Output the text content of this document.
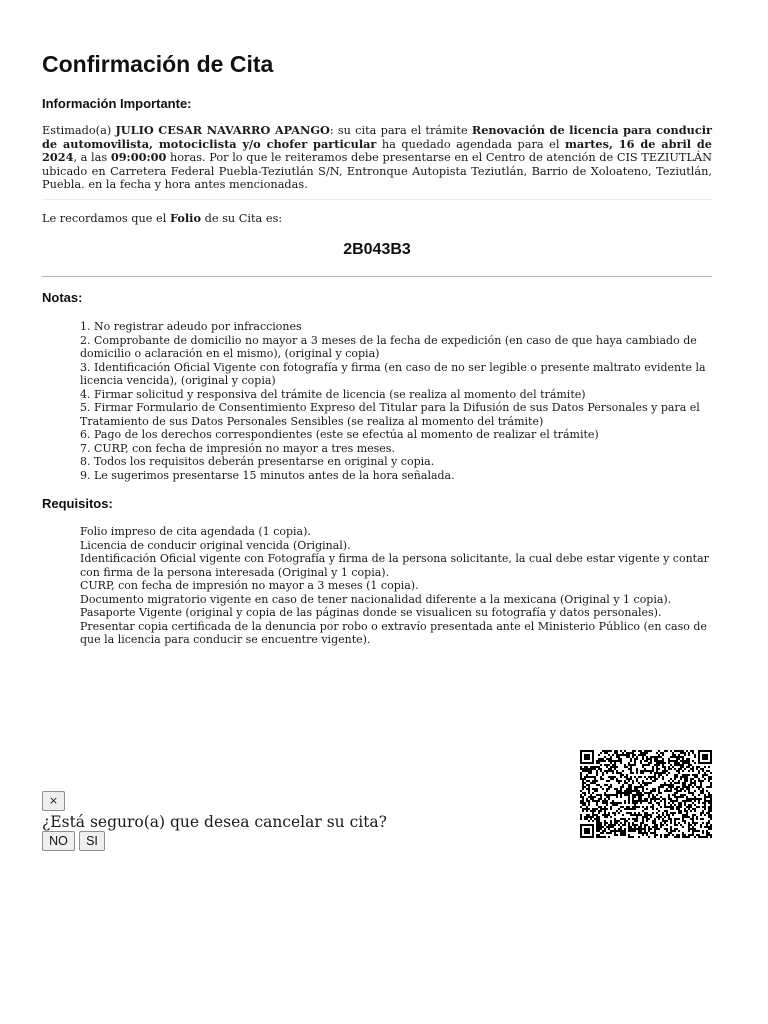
Confirmación de Cita
Información Importante:

Estimado(a) JULIO CESAR NAVARRO APANGO: su cita para el trámite Renovación de licencia para conducir de automovilista, motociclista y/o chofer particular ha quedado agendada para el martes, 16 de abril de 2024, a las 09:00:00 horas. Por lo que le reiteramos debe presentarse en el Centro de atención de CIS TEZIUTLÁN ubicado en Carretera Federal Puebla-Teziutlán S/N, Entronque Autopista Teziutlán, Barrio de Xoloateno, Teziutlán, Puebla. en la fecha y hora antes mencionadas.

Le recordamos que el Folio de su Cita es:

2B043B3

Notas:
1. No registrar adeudo por infracciones
2. Comprobante de domicilio no mayor a 3 meses de la fecha de expedición (en caso de que haya cambiado de domicilio o aclaración en el mismo), (original y copia)
3. Identificación Oficial Vigente con fotografía y firma (en caso de no ser legible o presente maltrato evidente la licencia vencida), (original y copia)
4. Firmar solicitud y responsiva del trámite de licencia (se realiza al momento del trámite)
5. Firmar Formulario de Consentimiento Expreso del Titular para la Difusión de sus Datos Personales y para el Tratamiento de sus Datos Personales Sensibles (se realiza al momento del trámite)
6. Pago de los derechos correspondientes (este se efectúa al momento de realizar el trámite)
7. CURP, con fecha de impresión no mayor a tres meses.
8. Todos los requisitos deberán presentarse en original y copia.
9. Le sugerimos presentarse 15 minutos antes de la hora señalada.
Requisitos:
Folio impreso de cita agendada (1 copia).
Licencia de conducir original vencida (Original).
Identificación Oficial vigente con Fotografía y firma de la persona solicitante, la cual debe estar vigente y contar con firma de la persona interesada (Original y 1 copia).
CURP, con fecha de impresión no mayor a 3 meses (1 copia).
Documento migratorio vigente en caso de tener nacionalidad diferente a la mexicana (Original y 1 copia).
Pasaporte Vigente (original y copia de las páginas donde se visualicen su fotografía y datos personales).
Presentar copia certificada de la denuncia por robo o extravío presentada ante el Ministerio Público (en caso de que la licencia para conducir se encuentre vigente).
×

¿Está seguro(a) que desea cancelar su cita?

NO	SI
